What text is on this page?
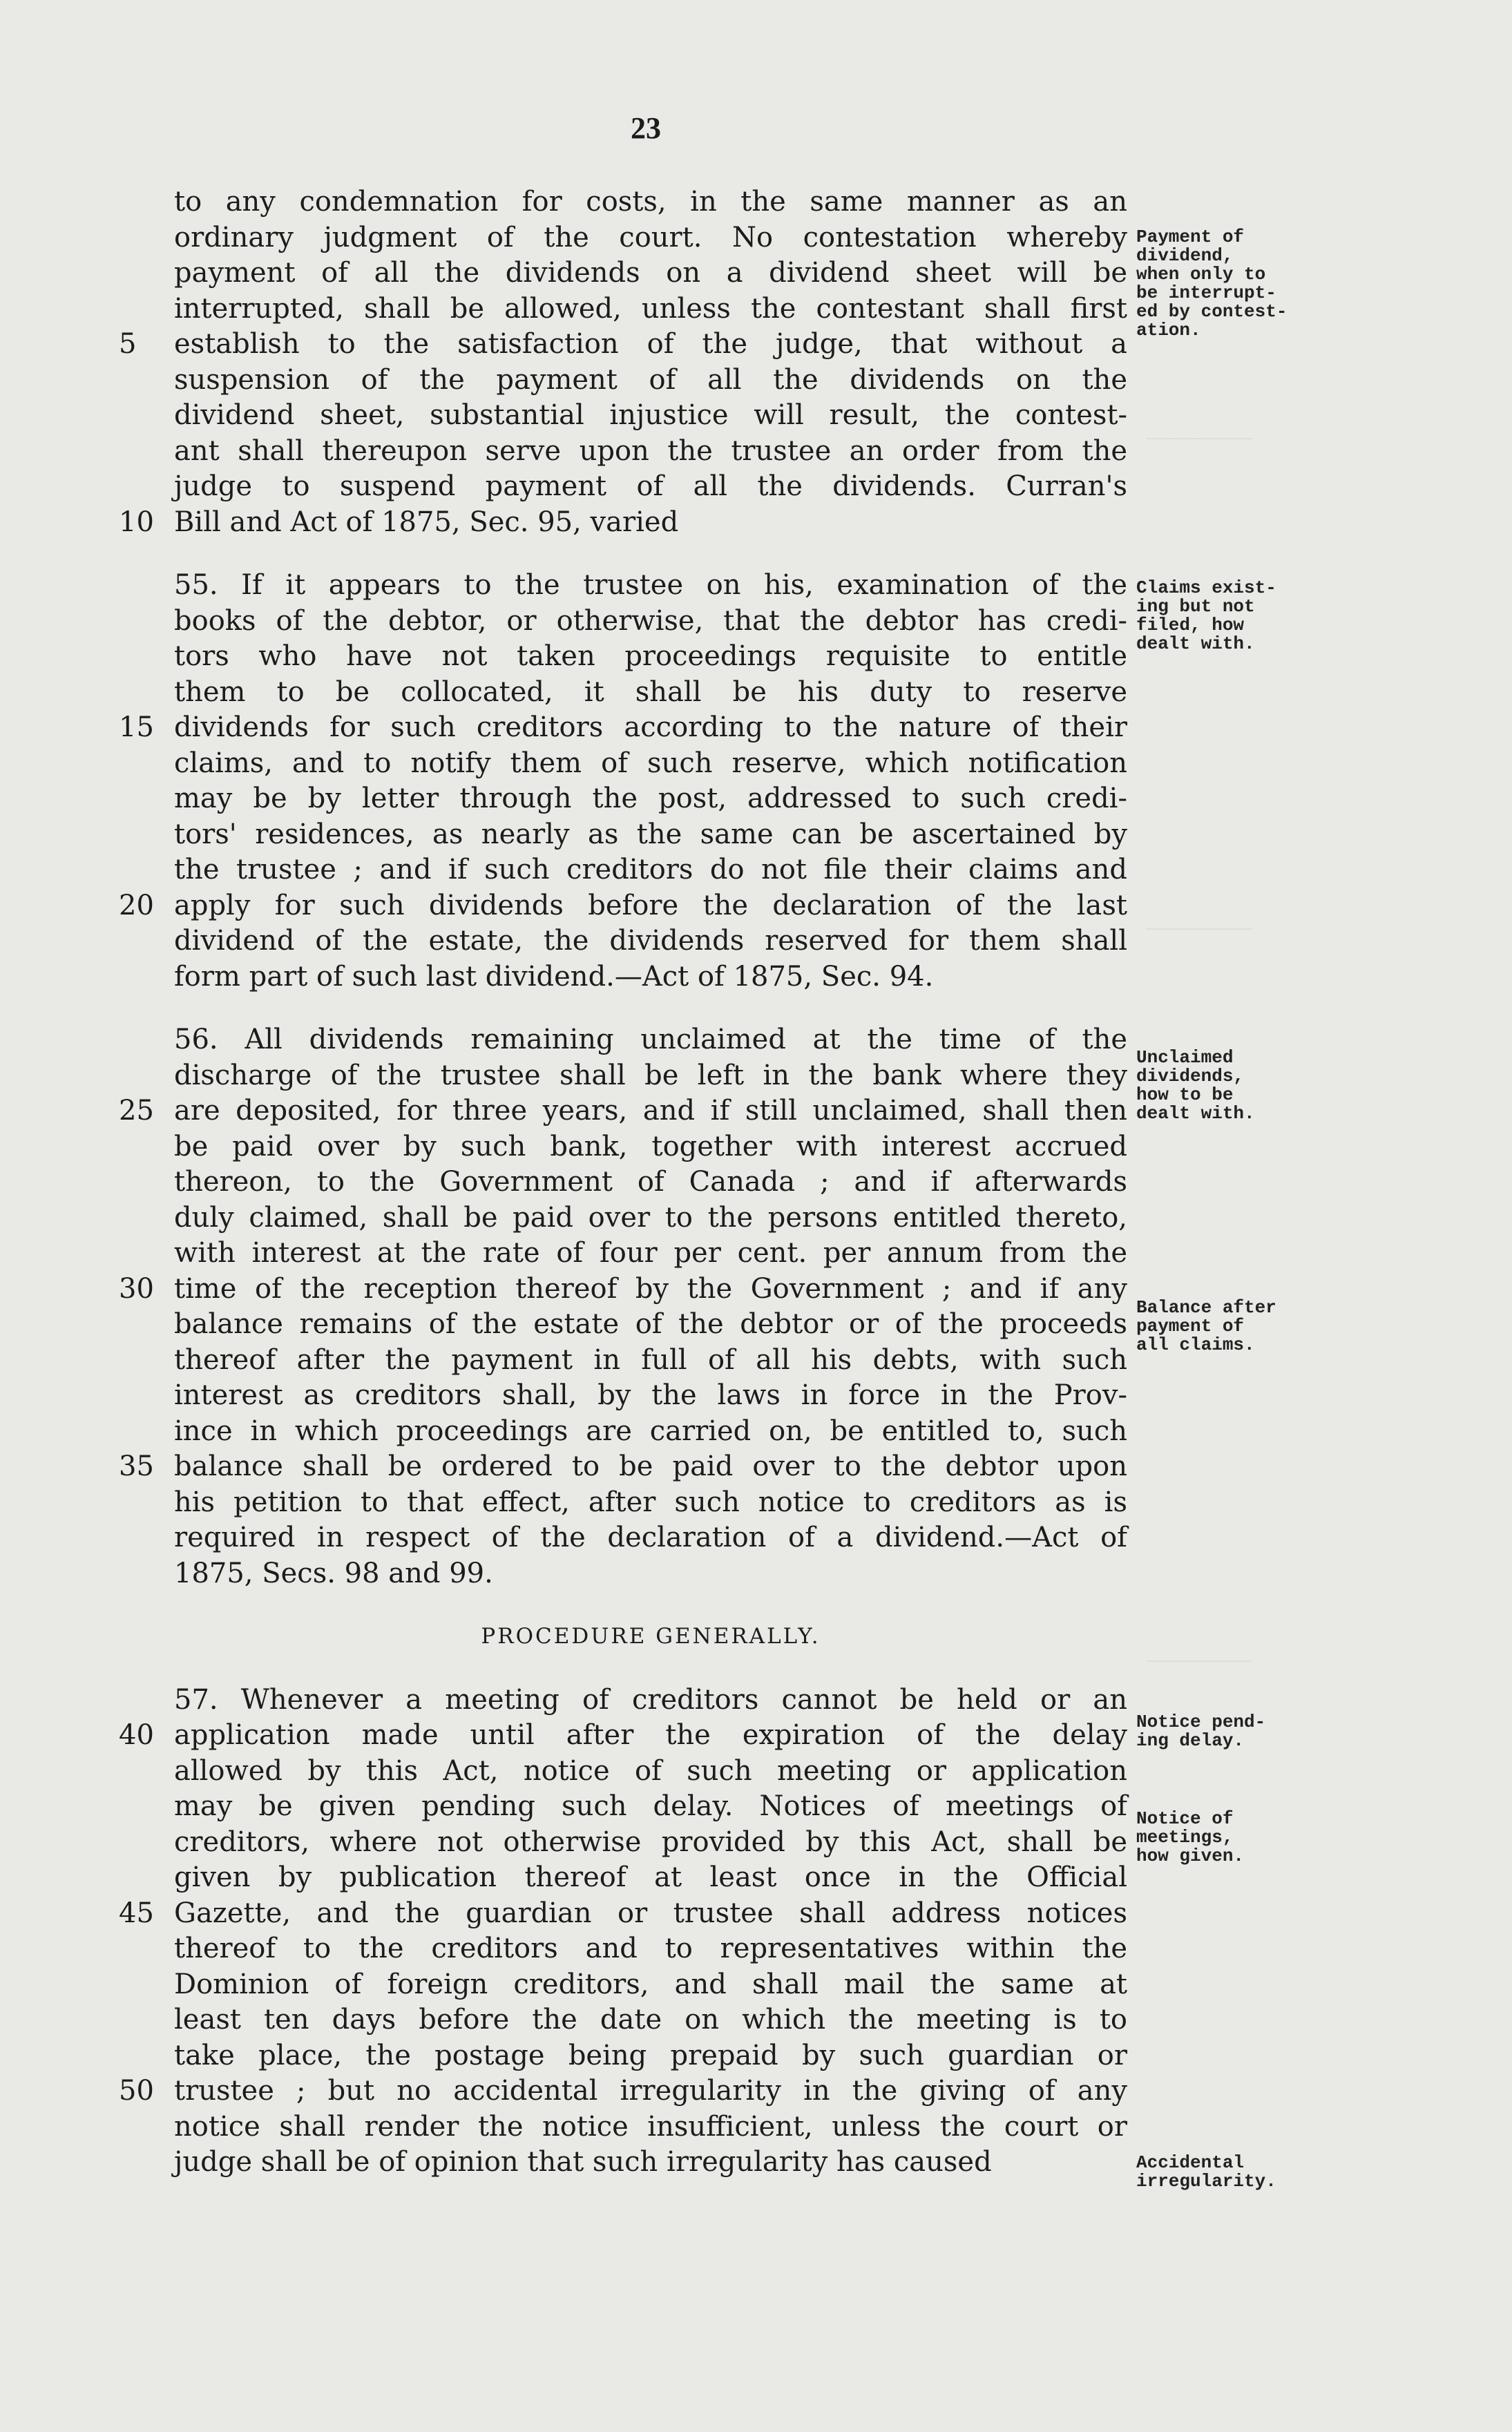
————
————
————
23
to any condemnation for costs, in the same manner as an
ordinary judgment of the court. No contestation whereby
payment of all the dividends on a dividend sheet will be
interrupted, shall be allowed, unless the contestant shall first
establish to the satisfaction of the judge, that without a
5
suspension of the payment of all the dividends on the
dividend sheet, substantial injustice will result, the contest-
ant shall thereupon serve upon the trustee an order from the
judge to suspend payment of all the dividends. Curran's
Bill and Act of 1875, Sec. 95, varied
10
55. If it appears to the trustee on his, examination of the
books of the debtor, or otherwise, that the debtor has credi-
tors who have not taken proceedings requisite to entitle
them to be collocated, it shall be his duty to reserve
dividends for such creditors according to the nature of their
15
claims, and to notify them of such reserve, which notification
may be by letter through the post, addressed to such credi-
tors' residences, as nearly as the same can be ascertained by
the trustee ; and if such creditors do not file their claims and
apply for such dividends before the declaration of the last
20
dividend of the estate, the dividends reserved for them shall
form part of such last dividend.—Act of 1875, Sec. 94.
56. All dividends remaining unclaimed at the time of the
discharge of the trustee shall be left in the bank where they
are deposited, for three years, and if still unclaimed, shall then
25
be paid over by such bank, together with interest accrued
thereon, to the Government of Canada ; and if afterwards
duly claimed, shall be paid over to the persons entitled thereto,
with interest at the rate of four per cent. per annum from the
time of the reception thereof by the Government ; and if any
30
balance remains of the estate of the debtor or of the proceeds
thereof after the payment in full of all his debts, with such
interest as creditors shall, by the laws in force in the Prov-
ince in which proceedings are carried on, be entitled to, such
balance shall be ordered to be paid over to the debtor upon
35
his petition to that effect, after such notice to creditors as is
required in respect of the declaration of a dividend.—Act of
1875, Secs. 98 and 99.
PROCEDURE GENERALLY.
57. Whenever a meeting of creditors cannot be held or an
application made until after the expiration of the delay
40
allowed by this Act, notice of such meeting or application
may be given pending such delay. Notices of meetings of
creditors, where not otherwise provided by this Act, shall be
given by publication thereof at least once in the Official
Gazette, and the guardian or trustee shall address notices
45
thereof to the creditors and to representatives within the
Dominion of foreign creditors, and shall mail the same at
least ten days before the date on which the meeting is to
take place, the postage being prepaid by such guardian or
trustee ; but no accidental irregularity in the giving of any
50
notice shall render the notice insufficient, unless the court or
judge shall be of opinion that such irregularity has caused
Payment of
dividend,
when only to
be interrupt-
ed by contest-
ation.
Claims exist-
ing but not
filed, how
dealt with.
Unclaimed
dividends,
how to be
dealt with.
Balance after
payment of
all claims.
Notice pend-
ing delay.
Notice of
meetings,
how given.
Accidental
irregularity.
